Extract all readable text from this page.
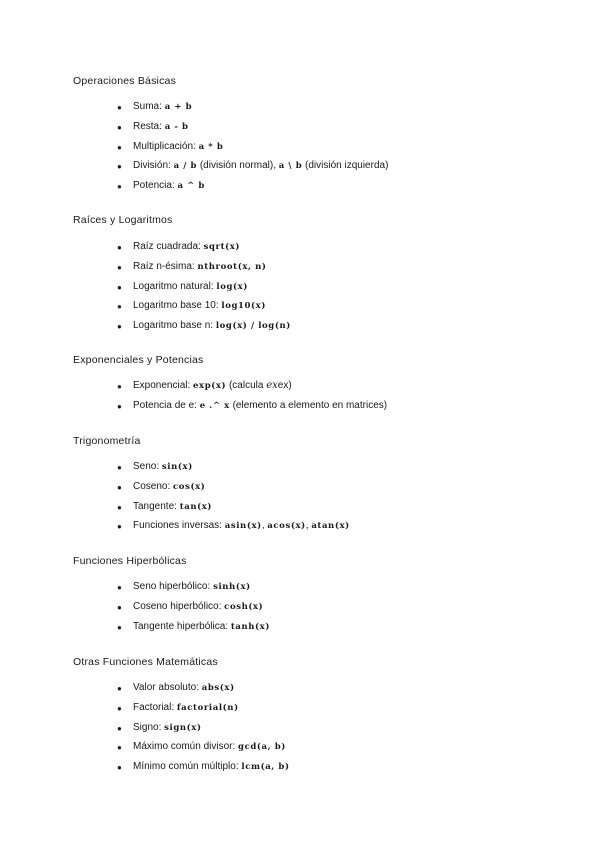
Operaciones Básicas
● Suma: a + b
● Resta: a - b
● Multiplicación: a * b
● División: a / b (división normal), a \ b (división izquierda)
● Potencia: a ^ b
Raíces y Logaritmos
● Raíz cuadrada: sqrt(x)
● Raíz n-ésima: nthroot(x, n)
● Logaritmo natural: log(x)
● Logaritmo base 10: log10(x)
● Logaritmo base n: log(x) / log(n)
Exponenciales y Potencias
● Exponencial: exp(x) (calcula exex)
● Potencia de e: e .^ x (elemento a elemento en matrices)
Trigonometría
● Seno: sin(x)
● Coseno: cos(x)
● Tangente: tan(x)
● Funciones inversas: asin(x), acos(x), atan(x)
Funciones Hiperbólicas
● Seno hiperbólico: sinh(x)
● Coseno hiperbólico: cosh(x)
● Tangente hiperbólica: tanh(x)
Otras Funciones Matemáticas
● Valor absoluto: abs(x)
● Factorial: factorial(n)
● Signo: sign(x)
● Máximo común divisor: gcd(a, b)
● Mínimo común múltiplo: lcm(a, b)
